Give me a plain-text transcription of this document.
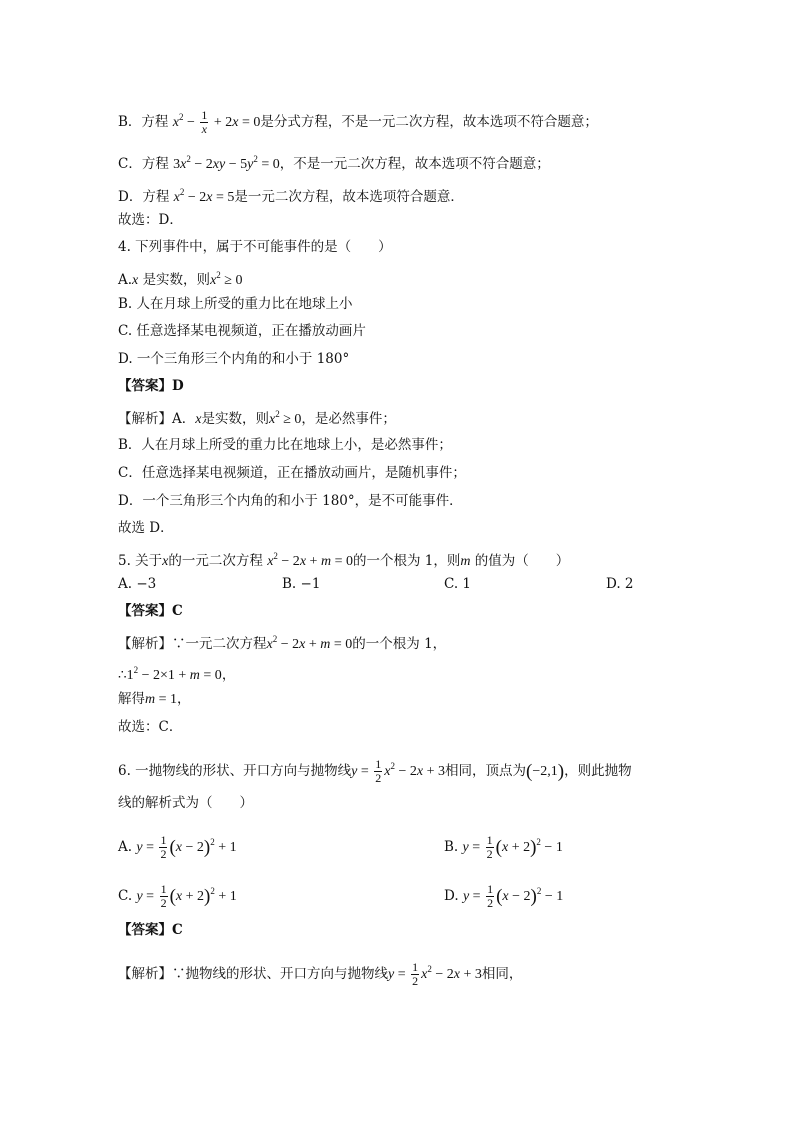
B．方程 $x^2 - \frac{1}{x} + 2x = 0$是分式方程，不是一元二次方程，故本选项不符合题意；
C．方程 $3x^2 - 2xy - 5y^2 = 0$，不是一元二次方程，故本选项不符合题意；
D．方程 $x^2 - 2x = 5$是一元二次方程，故本选项符合题意．
故选：D．
4. 下列事件中，属于不可能事件的是（　　）
A.x 是实数，则$x^2 \ge 0$
B. 人在月球上所受的重力比在地球上小
C. 任意选择某电视频道，正在播放动画片
D. 一个三角形三个内角的和小于 180°
【答案】D
【解析】A．x是实数，则$x^2 \ge 0$，是必然事件；
B．人在月球上所受的重力比在地球上小，是必然事件；
C．任意选择某电视频道，正在播放动画片，是随机事件；
D．一个三角形三个内角的和小于 180°，是不可能事件．
故选 D．
5. 关于x的一元二次方程 $x^2 - 2x + m = 0$的一个根为 1，则m 的值为（　　）
A. −3	B. −1	C. 1	D. 2
【答案】C
【解析】∵一元二次方程$x^2 - 2x + m = 0$的一个根为 1，
$\therefore 1^2 - 2\times 1 + m = 0$，
解得m = 1，
故选：C．
6. 一抛物线的形状、开口方向与抛物线$y = \frac{1}{2} x^2 - 2x + 3$相同，顶点为(−2,1)，则此抛物
线的解析式为（　　）
A. $y = \frac{1}{2} (x - 2)^2 + 1$	B. $y = \frac{1}{2} (x + 2)^2 - 1$
C. $y = \frac{1}{2} (x + 2)^2 + 1$	D. $y = \frac{1}{2} (x - 2)^2 - 1$
【答案】C
【解析】∵抛物线的形状、开口方向与抛物线$y = \frac{1}{2} x^2 - 2x + 3$相同，
